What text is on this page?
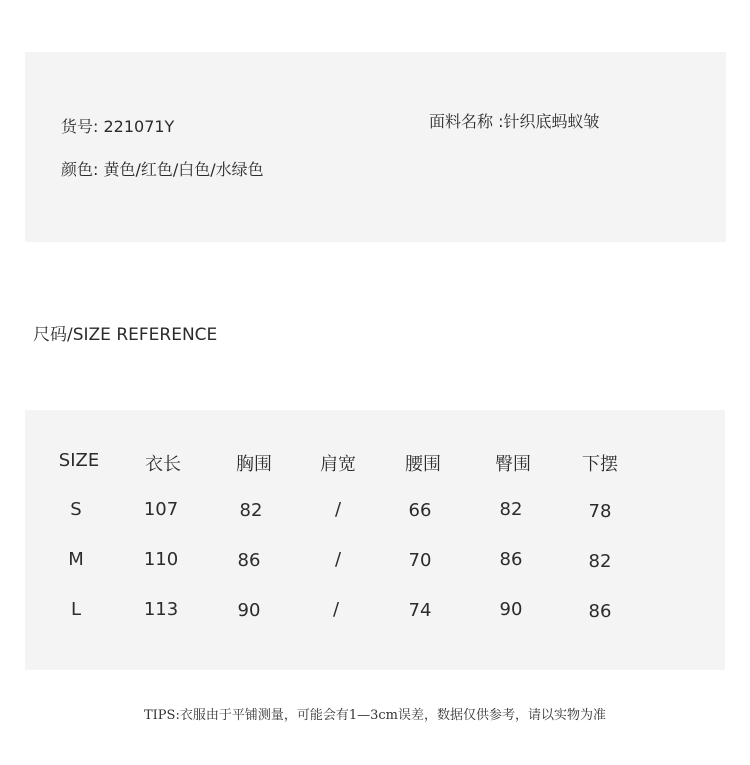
货号: 221071Y	面料名称 :针织底蚂蚁皱
颜色: 黄色/红色/白色/水绿色
尺码/SIZE REFERENCE
SIZE	衣长	胸围	肩宽	腰围	臀围	下摆
S	107	82	/	66	82	78
M	110	86	/	70	86	82
L	113	90	/	74	90	86
TIPS:衣服由于平铺测量，可能会有1—3cm误差，数据仅供参考，请以实物为准
